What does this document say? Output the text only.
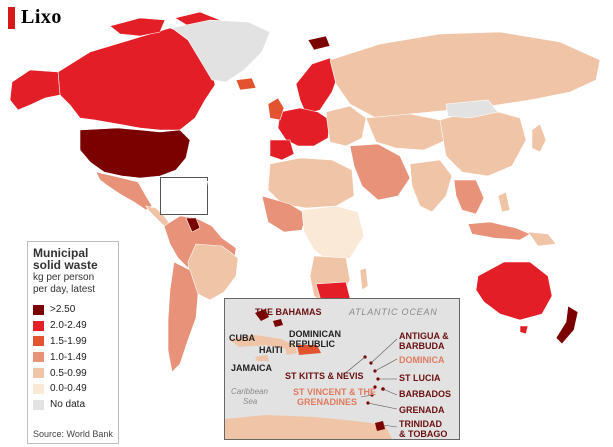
SEE INSET
Lixo
Municipal
solid waste
kg per person
per day, latest
>2.50
2.0-2.49
1.5-1.99
1.0-1.49
0.5-0.99
0.0-0.49
No data
Source: World Bank
ATLANTIC OCEAN
THE BAHAMAS
CUBA
HAITI
DOMINICAN
REPUBLIC
JAMAICA
Caribbean
Sea
ANTIGUA &
BARBUDA
DOMINICA
ST KITTS & NEVIS	ST LUCIA
ST VINCENT & THE
GRENADINES
BARBADOS
GRENADA
TRINIDAD
& TOBAGO
